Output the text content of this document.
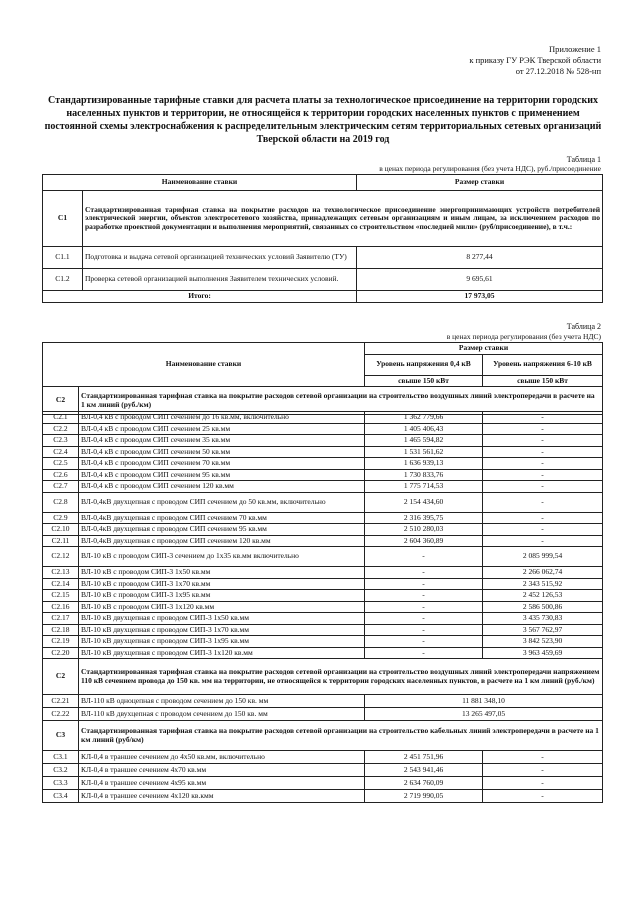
Приложение 1
к приказу ГУ РЭК Тверской области
от 27.12.2018 № 528-нп
Стандартизированные тарифные ставки для расчета платы за технологическое присоединение на территории городских населенных пунктов и территории, не относящейся к территории городских населенных пунктов с применением постоянной схемы электроснабжения к распределительным электрическим сетям территориальных сетевых организаций Тверской области на 2019 год
Таблица 1
в ценах периода регулирования (без учета НДС), руб./присоединение
Наименование ставки		Размер ставки
С1	Стандартизированная тарифная ставка на покрытие расходов на технологическое присоединение энергопринимающих устройств потребителей электрической энергии, объектов электросетевого хозяйства, принадлежащих сетевым организациям и иным лицам, за исключением расходов по разработке проектной документации и выполнения мероприятий, связанных со строительством «последней мили» (руб/присоединение), в т.ч.:	
С1.1	Подготовка и выдача сетевой организацией технических условий Заявителю (ТУ)	8 277,44
С1.2	Проверка сетевой организацией выполнения Заявителем технических условий.	9 695,61
Итого:		17 973,05
Таблица 2
в ценах периода регулирования (без учета НДС)
Наименование ставки		Размер ставки	
		Уровень напряжения 0,4 кВ	Уровень напряжения 6-10 кВ
		свыше 150 кВт	свыше 150 кВт
С2	Стандартизированная тарифная ставка на покрытие расходов сетевой организации на строительство воздушных линий электропередачи в расчете на 1 км линий (руб./км)		
С2.1	ВЛ-0,4 кВ с проводом СИП сечением до 16 кв.мм, включительно	1 362 779,66	-
С2.2	ВЛ-0,4 кВ с проводом СИП сечением 25 кв.мм	1 405 406,43	-
С2.3	ВЛ-0,4 кВ с проводом СИП сечением 35 кв.мм	1 465 594,82	-
С2.4	ВЛ-0,4 кВ с проводом СИП сечением 50 кв.мм	1 531 561,62	-
С2.5	ВЛ-0,4 кВ с проводом СИП сечением 70 кв.мм	1 636 939,13	-
С2.6	ВЛ-0,4 кВ с проводом СИП сечением 95 кв.мм	1 730 833,76	-
С2.7	ВЛ-0,4 кВ с проводом СИП сечением 120 кв.мм	1 775 714,53	-
С2.8	ВЛ-0,4кВ двухцепная с проводом СИП сечением до 50 кв.мм, включительно	2 154 434,60	-
С2.9	ВЛ-0,4кВ двухцепная с проводом СИП сечением 70 кв.мм	2 316 395,75	-
С2.10	ВЛ-0,4кВ двухцепная с проводом СИП сечением 95 кв.мм	2 510 280,03	-
С2.11	ВЛ-0,4кВ двухцепная с проводом СИП сечением 120 кв.мм	2 604 360,89	-
С2.12	ВЛ-10 кВ с проводом СИП-3 сечением до 1х35 кв.мм включительно	-	2 085 999,54
С2.13	ВЛ-10 кВ с проводом СИП-3 1х50 кв.мм	-	2 266 062,74
С2.14	ВЛ-10 кВ с проводом СИП-3 1х70 кв.мм	-	2 343 515,92
С2.15	ВЛ-10 кВ с проводом СИП-3 1х95 кв.мм	-	2 452 126,53
С2.16	ВЛ-10 кВ с проводом СИП-3 1х120 кв.мм	-	2 586 500,86
С2.17	ВЛ-10 кВ двухцепная с проводом СИП-3 1х50 кв.мм	-	3 435 730,83
С2.18	ВЛ-10 кВ двухцепная с проводом СИП-3 1х70 кв.мм	-	3 567 762,97
С2.19	ВЛ-10 кВ двухцепная с проводом СИП-3 1х95 кв.мм	-	3 842 523,90
С2.20	ВЛ-10 кВ двухцепная с проводом СИП-3 1х120 кв.мм	-	3 963 459,69
С2	Стандартизированная тарифная ставка на покрытие расходов сетевой организации на строительство воздушных линий электропередачи напряжением 110 кВ сечением провода до 150 кв. мм на территории, не относящейся к территории городских населенных пунктов, в расчете на 1 км линий (руб./км)		
С2.21	ВЛ-110 кВ одноцепная с проводом сечением до 150 кв. мм	11 881 348,10	
С2.22	ВЛ-110 кВ двухцепная с проводом сечением до 150 кв. мм	13 265 497,05	
С3	Стандартизированная тарифная ставка на покрытие расходов сетевой организации на строительство кабельных линий электропередачи в расчете на 1 км линий (руб/км)		
С3.1	КЛ-0,4 в траншее сечением до 4х50 кв.мм, включительно	2 451 751,96	-
С3.2	КЛ-0,4 в траншее сечением 4х70 кв.мм	2 543 941,46	-
С3.3	КЛ-0,4 в траншее сечением 4х95 кв.мм	2 634 760,09	-
С3.4	КЛ-0,4 в траншее сечением 4х120 кв.кмм	2 719 990,05	-
